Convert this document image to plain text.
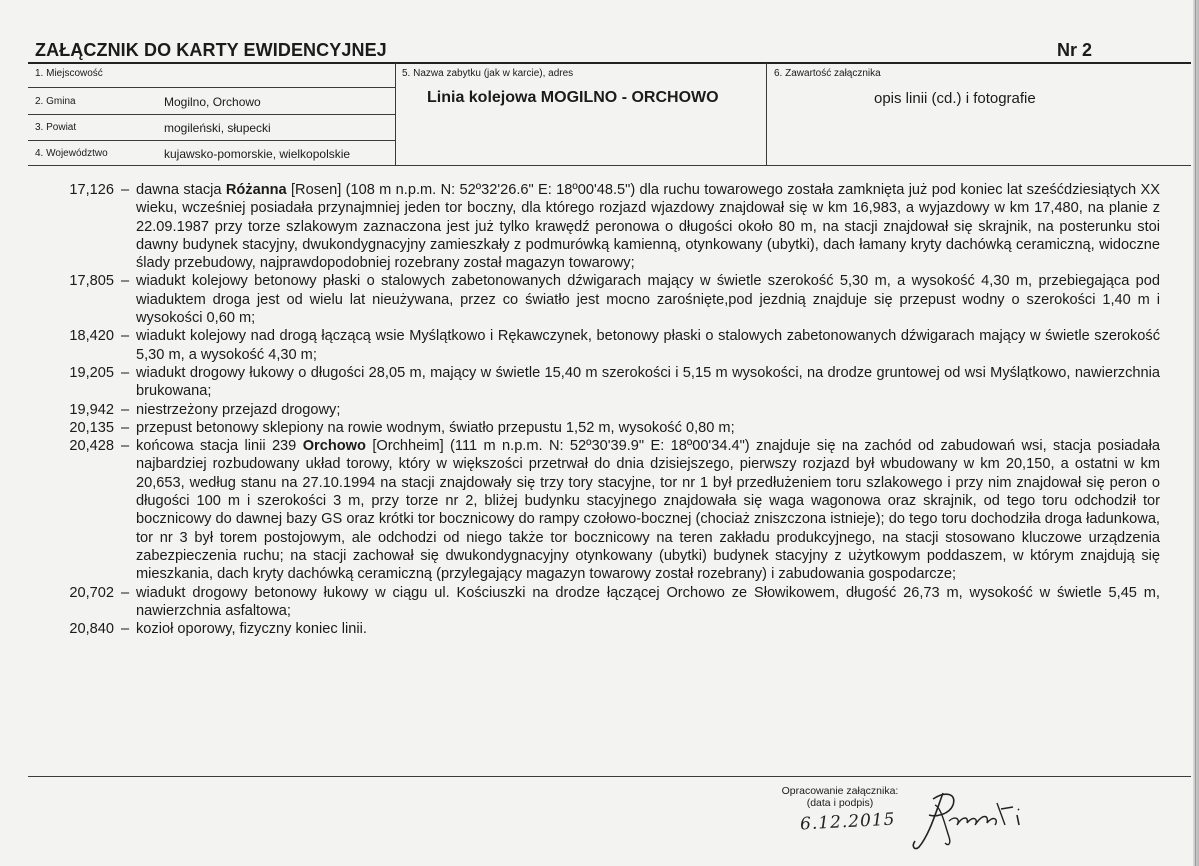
ZAŁĄCZNIK DO KARTY EWIDENCYJNEJ	Nr 2
1. Miejscowość
2. Gmina	Mogilno, Orchowo
3. Powiat	mogileński, słupecki
4. Województwo	kujawsko-pomorskie, wielkopolskie
5. Nazwa zabytku (jak w karcie), adres
Linia kolejowa MOGILNO - ORCHOWO
6. Zawartość załącznika
opis linii (cd.) i fotografie
17,126 – dawna stacja Różanna [Rosen] (108 m n.p.m. N: 52º32'26.6" E: 18º00'48.5") dla ruchu towarowego została zamknięta już pod koniec lat sześćdziesiątych XX wieku, wcześniej posiadała przynajmniej jeden tor boczny, dla którego rozjazd wjazdowy znajdował się w km 16,983, a wyjazdowy w km 17,480, na planie z 22.09.1987 przy torze szlakowym zaznaczona jest już tylko krawędź peronowa o długości około 80 m, na stacji znajdował się skrajnik, na posterunku stoi dawny budynek stacyjny, dwukondygnacyjny zamieszkały z podmurówką kamienną, otynkowany (ubytki), dach łamany kryty dachówką ceramiczną, widoczne ślady przebudowy, najprawdopodobniej rozebrany został magazyn towarowy;
17,805 – wiadukt kolejowy betonowy płaski o stalowych zabetonowanych dźwigarach mający w świetle szerokość 5,30 m, a wysokość 4,30 m, przebiegająca pod wiaduktem droga jest od wielu lat nieużywana, przez co światło jest mocno zarośnięte,pod jezdnią znajduje się przepust wodny o szerokości 1,40 m i wysokości 0,60 m;
18,420 – wiadukt kolejowy nad drogą łączącą wsie Myślątkowo i Rękawczynek, betonowy płaski o stalowych zabetonowanych dźwigarach mający w świetle szerokość 5,30 m, a wysokość 4,30 m;
19,205 – wiadukt drogowy łukowy o długości 28,05 m, mający w świetle 15,40 m szerokości i 5,15 m wysokości, na drodze gruntowej od wsi Myślątkowo, nawierzchnia brukowana;
19,942 – niestrzeżony przejazd drogowy;
20,135 – przepust betonowy sklepiony na rowie wodnym, światło przepustu 1,52 m, wysokość 0,80 m;
20,428 – końcowa stacja linii 239 Orchowo [Orchheim] (111 m n.p.m. N: 52º30'39.9" E: 18º00'34.4") znajduje się na zachód od zabudowań wsi, stacja posiadała najbardziej rozbudowany układ torowy, który w większości przetrwał do dnia dzisiejszego, pierwszy rozjazd był wbudowany w km 20,150, a ostatni w km 20,653, według stanu na 27.10.1994 na stacji znajdowały się trzy tory stacyjne, tor nr 1 był przedłużeniem toru szlakowego i przy nim znajdował się peron o długości 100 m i szerokości 3 m, przy torze nr 2, bliżej budynku stacyjnego znajdowała się waga wagonowa oraz skrajnik, od tego toru odchodził tor bocznicowy do dawnej bazy GS oraz krótki tor bocznicowy do rampy czołowo-bocznej (chociaż zniszczona istnieje); do tego toru dochodziła droga ładunkowa, tor nr 3 był torem postojowym, ale odchodzi od niego także tor bocznicowy na teren zakładu produkcyjnego, na stacji stosowano kluczowe urządzenia zabezpieczenia ruchu; na stacji zachował się dwukondygnacyjny otynkowany (ubytki) budynek stacyjny z użytkowym poddaszem, w którym znajdują się mieszkania, dach kryty dachówką ceramiczną (przylegający magazyn towarowy został rozebrany) i zabudowania gospodarcze;
20,702 – wiadukt drogowy betonowy łukowy w ciągu ul. Kościuszki na drodze łączącej Orchowo ze Słowikowem, długość 26,73 m, wysokość w świetle 5,45 m, nawierzchnia asfaltowa;
20,840 – kozioł oporowy, fizyczny koniec linii.
Opracowanie załącznika:
(data i podpis)
6.12.2015
